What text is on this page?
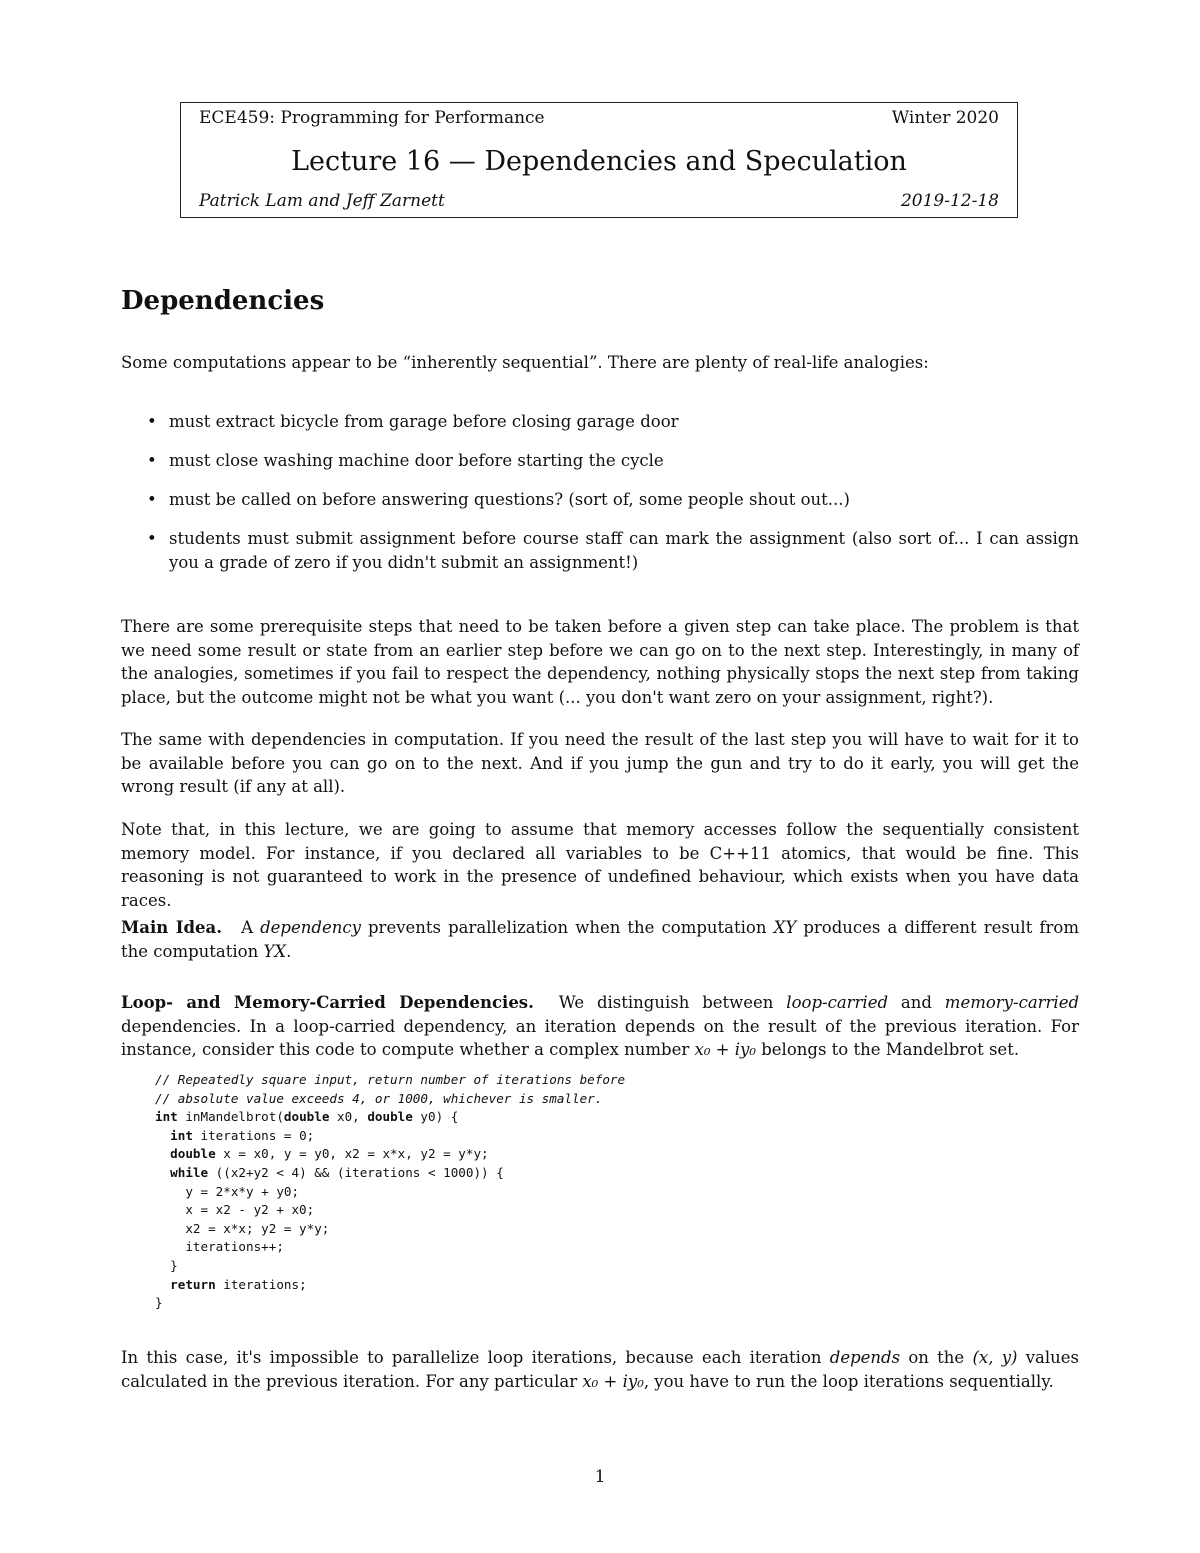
ECE459: Programming for Performance	Winter 2020
Lecture 16 — Dependencies and Speculation
Patrick Lam and Jeff Zarnett	2019-12-18
Dependencies

Some computations appear to be “inherently sequential”. There are plenty of real-life analogies:

• must extract bicycle from garage before closing garage door
• must close washing machine door before starting the cycle
• must be called on before answering questions? (sort of, some people shout out...)
• students must submit assignment before course staff can mark the assignment (also sort of... I can assign you a grade of zero if you didn't submit an assignment!)

There are some prerequisite steps that need to be taken before a given step can take place. The problem is that we need some result or state from an earlier step before we can go on to the next step. Interestingly, in many of the analogies, sometimes if you fail to respect the dependency, nothing physically stops the next step from taking place, but the outcome might not be what you want (... you don't want zero on your assignment, right?).

The same with dependencies in computation. If you need the result of the last step you will have to wait for it to be available before you can go on to the next. And if you jump the gun and try to do it early, you will get the wrong result (if any at all).

Note that, in this lecture, we are going to assume that memory accesses follow the sequentially consistent memory model. For instance, if you declared all variables to be C++11 atomics, that would be fine. This reasoning is not guaranteed to work in the presence of undefined behaviour, which exists when you have data races.

Main Idea. A dependency prevents parallelization when the computation XY produces a different result from the computation YX.

Loop- and Memory-Carried Dependencies. We distinguish between loop-carried and memory-carried dependencies. In a loop-carried dependency, an iteration depends on the result of the previous iteration. For instance, consider this code to compute whether a complex number x₀ + iy₀ belongs to the Mandelbrot set.

// Repeatedly square input, return number of iterations before
// absolute value exceeds 4, or 1000, whichever is smaller.
int inMandelbrot(double x0, double y0) {
int iterations = 0;
double x = x0, y = y0, x2 = x*x, y2 = y*y;
while ((x2+y2 < 4) && (iterations < 1000)) {
y = 2*x*y + y0;
x = x2 - y2 + x0;
x2 = x*x; y2 = y*y;
iterations++;
}
return iterations;
}

In this case, it's impossible to parallelize loop iterations, because each iteration depends on the (x, y) values calculated in the previous iteration. For any particular x₀ + iy₀, you have to run the loop iterations sequentially.

1
